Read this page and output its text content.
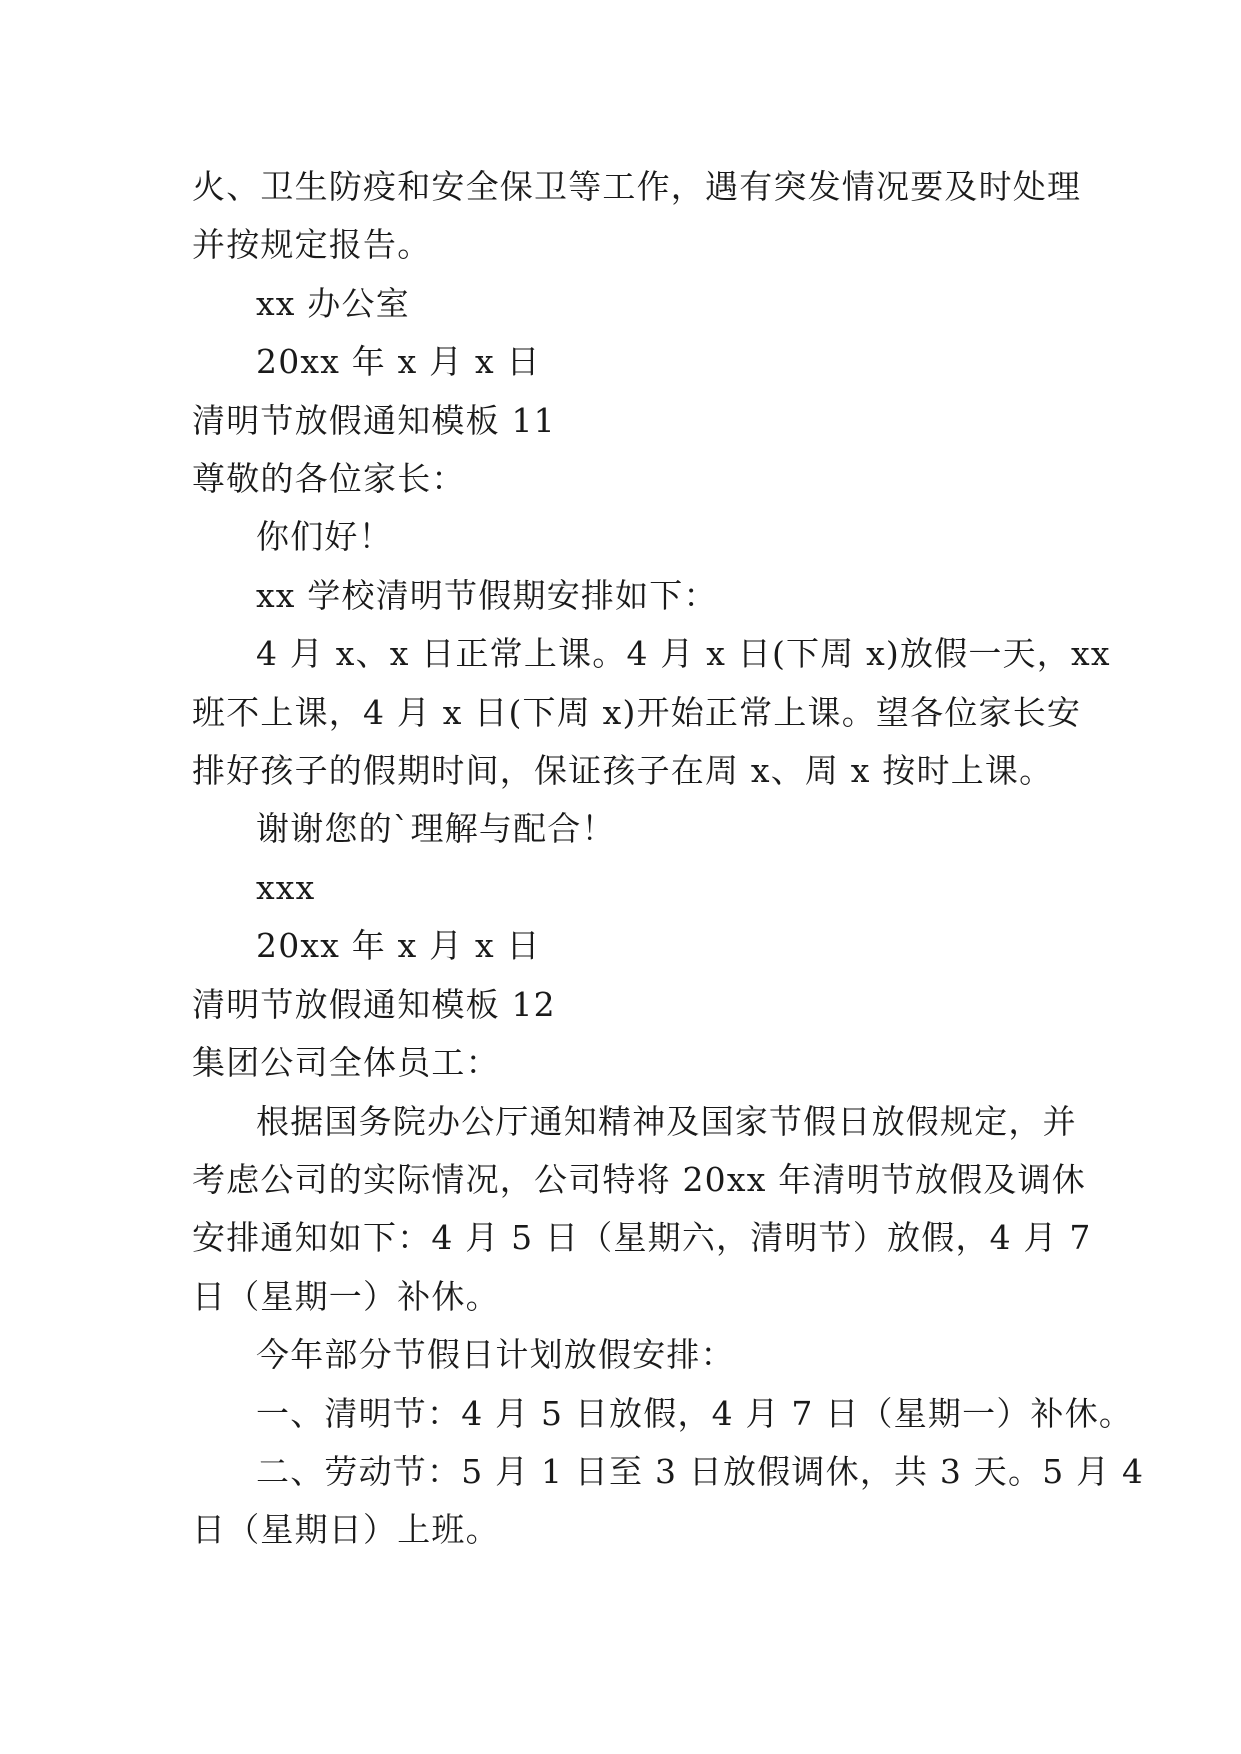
火、卫生防疫和安全保卫等工作，遇有突发情况要及时处理

并按规定报告。

xx 办公室

20xx 年 x 月 x 日

清明节放假通知模板 11

尊敬的各位家长：

你们好！

xx 学校清明节假期安排如下：

4 月 x、x 日正常上课。4 月 x 日(下周 x)放假一天，xx

班不上课，4 月 x 日(下周 x)开始正常上课。望各位家长安

排好孩子的假期时间，保证孩子在周 x、周 x 按时上课。

谢谢您的`理解与配合！

xxx

20xx 年 x 月 x 日

清明节放假通知模板 12

集团公司全体员工：

根据国务院办公厅通知精神及国家节假日放假规定，并

考虑公司的实际情况，公司特将 20xx 年清明节放假及调休

安排通知如下：4 月 5 日（星期六，清明节）放假，4 月 7

日（星期一）补休。

今年部分节假日计划放假安排：

一、清明节：4 月 5 日放假，4 月 7 日（星期一）补休。

二、劳动节：5 月 1 日至 3 日放假调休，共 3 天。5 月 4

日（星期日）上班。
